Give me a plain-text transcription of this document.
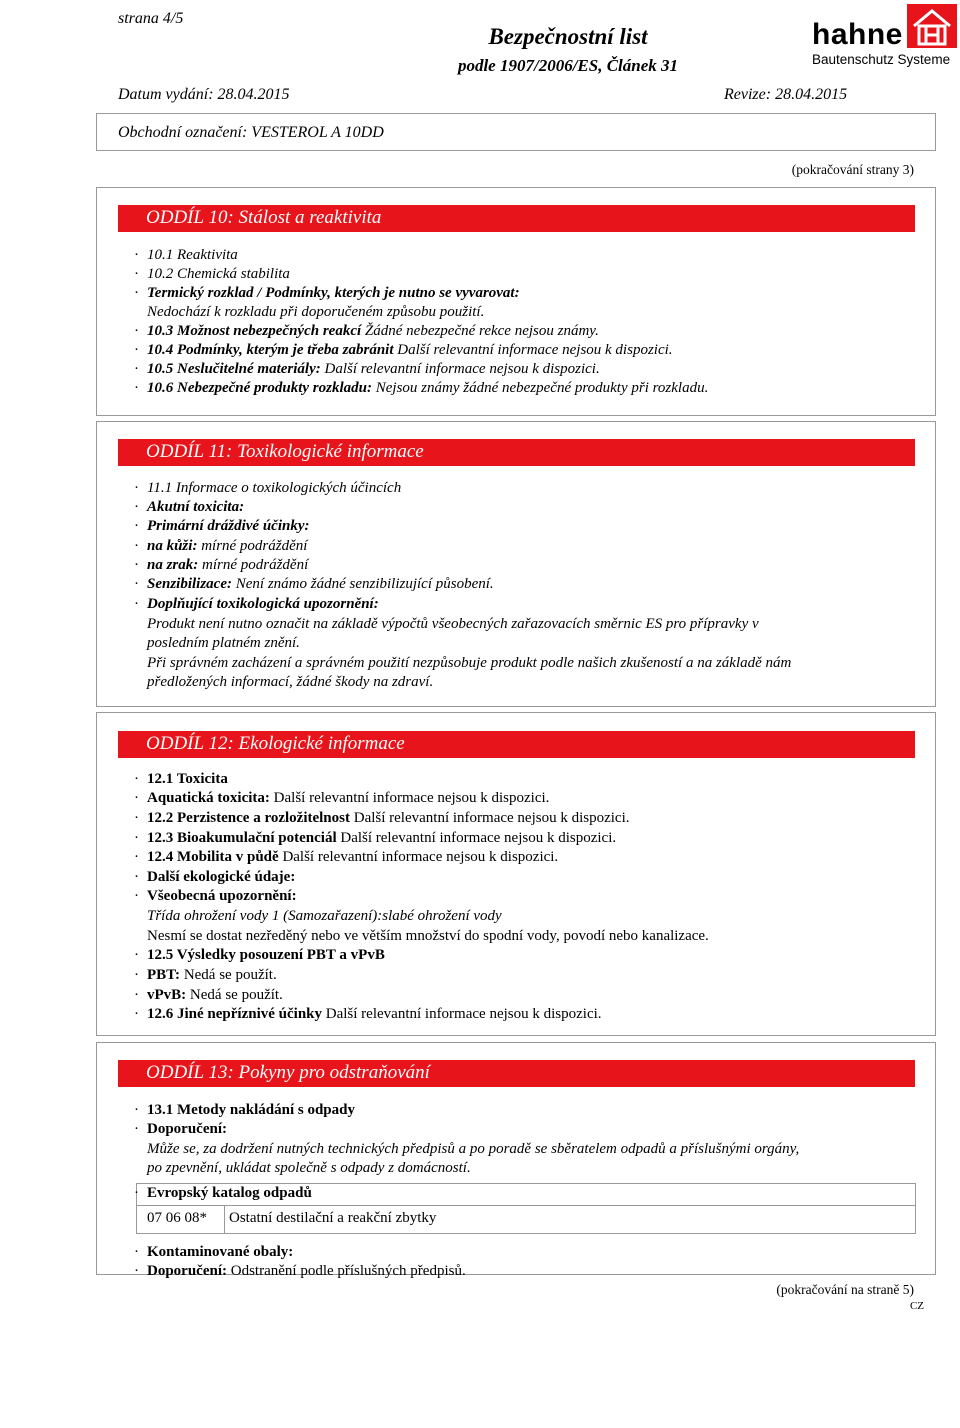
strana 4/5
Bezpečnostní list
podle 1907/2006/ES, Článek 31
hahne
Bautenschutz Systeme
Datum vydání: 28.04.2015	Revize: 28.04.2015
Obchodní označení: VESTEROL A 10DD
(pokračování strany 3)
ODDÍL 10: Stálost a reaktivita
· 10.1 Reaktivita
· 10.2 Chemická stabilita
· Termický rozklad / Podmínky, kterých je nutno se vyvarovat:
Nedochází k rozkladu při doporučeném způsobu použití.
· 10.3 Možnost nebezpečných reakcí Žádné nebezpečné rekce nejsou známy.
· 10.4 Podmínky, kterým je třeba zabránit Další relevantní informace nejsou k dispozici.
· 10.5 Neslučitelné materiály: Další relevantní informace nejsou k dispozici.
· 10.6 Nebezpečné produkty rozkladu: Nejsou známy žádné nebezpečné produkty při rozkladu.
ODDÍL 11: Toxikologické informace
· 11.1 Informace o toxikologických účincích
· Akutní toxicita:
· Primární dráždivé účinky:
· na kůži: mírné podráždění
· na zrak: mírné podráždění
· Senzibilizace: Není známo žádné senzibilizující působení.
· Doplňující toxikologická upozornění:
Produkt není nutno označit na základě výpočtů všeobecných zařazovacích směrnic ES pro přípravky v
posledním platném znění.
Při správném zacházení a správném použití nezpůsobuje produkt podle našich zkušeností a na základě nám
předložených informací, žádné škody na zdraví.
ODDÍL 12: Ekologické informace
· 12.1 Toxicita
· Aquatická toxicita: Další relevantní informace nejsou k dispozici.
· 12.2 Perzistence a rozložitelnost Další relevantní informace nejsou k dispozici.
· 12.3 Bioakumulační potenciál Další relevantní informace nejsou k dispozici.
· 12.4 Mobilita v půdě Další relevantní informace nejsou k dispozici.
· Další ekologické údaje:
· Všeobecná upozornění:
Třída ohrožení vody 1 (Samozařazení):slabé ohrožení vody
Nesmí se dostat nezředěný nebo ve větším množství do spodní vody, povodí nebo kanalizace.
· 12.5 Výsledky posouzení PBT a vPvB
· PBT: Nedá se použít.
· vPvB: Nedá se použít.
· 12.6 Jiné nepříznivé účinky Další relevantní informace nejsou k dispozici.
ODDÍL 13: Pokyny pro odstraňování
· 13.1 Metody nakládání s odpady
· Doporučení:
Může se, za dodržení nutných technických předpisů a po poradě se sběratelem odpadů a příslušnými orgány,
po zpevnění, ukládat společně s odpady z domácností.
· Evropský katalog odpadů
07 06 08* Ostatní destilační a reakční zbytky
· Kontaminované obaly:
· Doporučení: Odstranění podle příslušných předpisů.
(pokračování na straně 5)
CZ
